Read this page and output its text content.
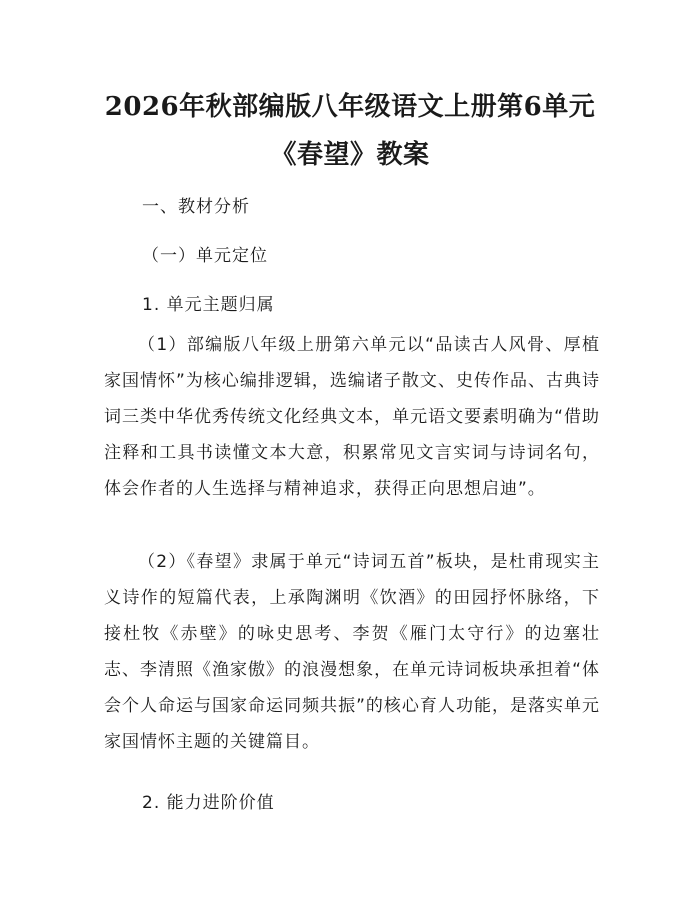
2026年秋部编版八年级语文上册第6单元
《春望》教案
一、教材分析
（一）单元定位
1. 单元主题归属
（1）部编版八年级上册第六单元以“品读古人风骨、厚植家国情怀”为核心编排逻辑，选编诸子散文、史传作品、古典诗词三类中华优秀传统文化经典文本，单元语文要素明确为“借助注释和工具书读懂文本大意，积累常见文言实词与诗词名句，体会作者的人生选择与精神追求，获得正向思想启迪”。
（2）《春望》隶属于单元“诗词五首”板块，是杜甫现实主义诗作的短篇代表，上承陶渊明《饮酒》的田园抒怀脉络，下接杜牧《赤壁》的咏史思考、李贺《雁门太守行》的边塞壮志、李清照《渔家傲》的浪漫想象，在单元诗词板块承担着“体会个人命运与国家命运同频共振”的核心育人功能，是落实单元家国情怀主题的关键篇目。
2. 能力进阶价值
